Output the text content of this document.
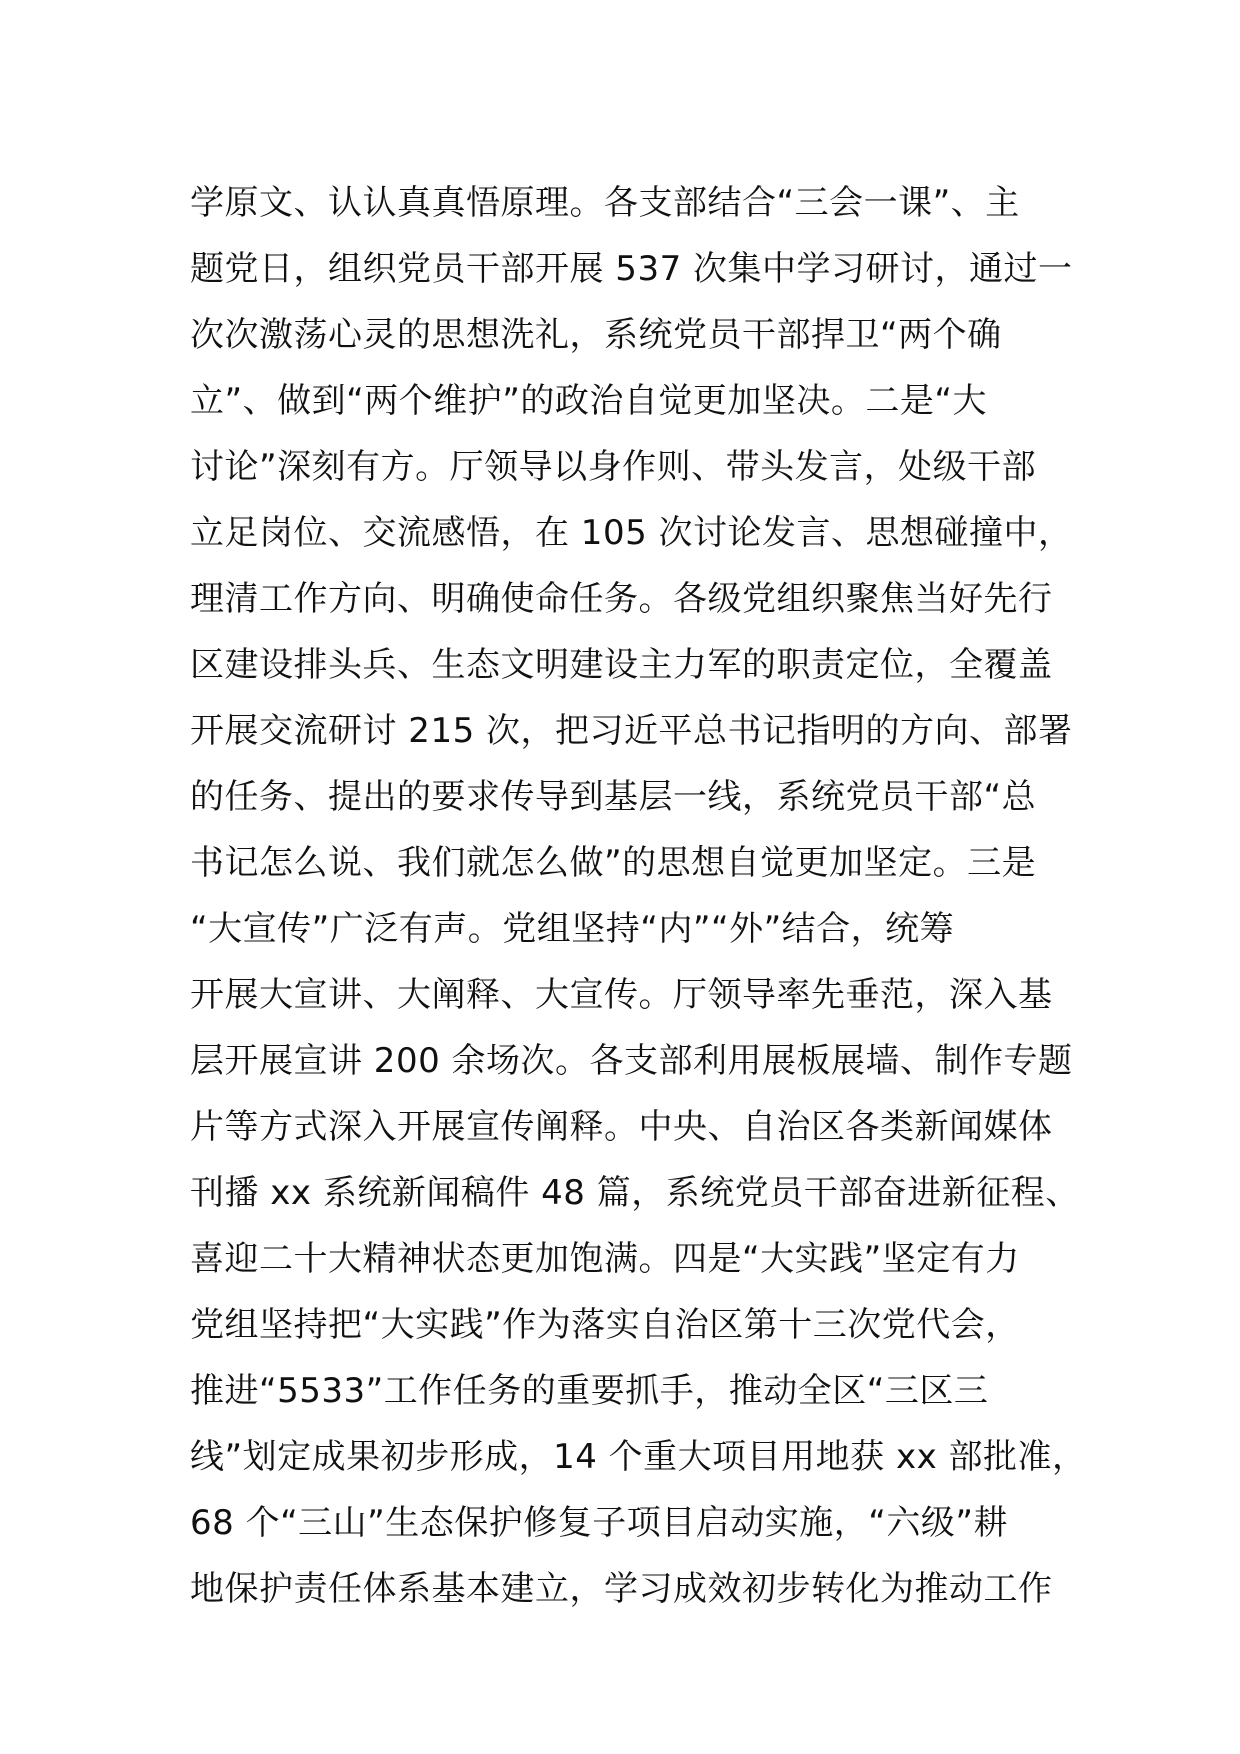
学原文、认认真真悟原理。各支部结合“三会一课”、主
题党日，组织党员干部开展 537 次集中学习研讨，通过一
次次激荡心灵的思想洗礼，系统党员干部捍卫“两个确
立”、做到“两个维护”的政治自觉更加坚决。二是“大
讨论”深刻有方。厅领导以身作则、带头发言，处级干部
立足岗位、交流感悟，在 105 次讨论发言、思想碰撞中，
理清工作方向、明确使命任务。各级党组织聚焦当好先行
区建设排头兵、生态文明建设主力军的职责定位，全覆盖
开展交流研讨 215 次，把习近平总书记指明的方向、部署
的任务、提出的要求传导到基层一线，系统党员干部“总
书记怎么说、我们就怎么做”的思想自觉更加坚定。三是
“大宣传”广泛有声。党组坚持“内”“外”结合，统筹
开展大宣讲、大阐释、大宣传。厅领导率先垂范，深入基
层开展宣讲 200 余场次。各支部利用展板展墙、制作专题
片等方式深入开展宣传阐释。中央、自治区各类新闻媒体
刊播 xx 系统新闻稿件 48 篇，系统党员干部奋进新征程、
喜迎二十大精神状态更加饱满。四是“大实践”坚定有力
党组坚持把“大实践”作为落实自治区第十三次党代会，
推进“5533”工作任务的重要抓手，推动全区“三区三
线”划定成果初步形成，14 个重大项目用地获 xx 部批准，
68 个“三山”生态保护修复子项目启动实施，“六级”耕
地保护责任体系基本建立，学习成效初步转化为推动工作
